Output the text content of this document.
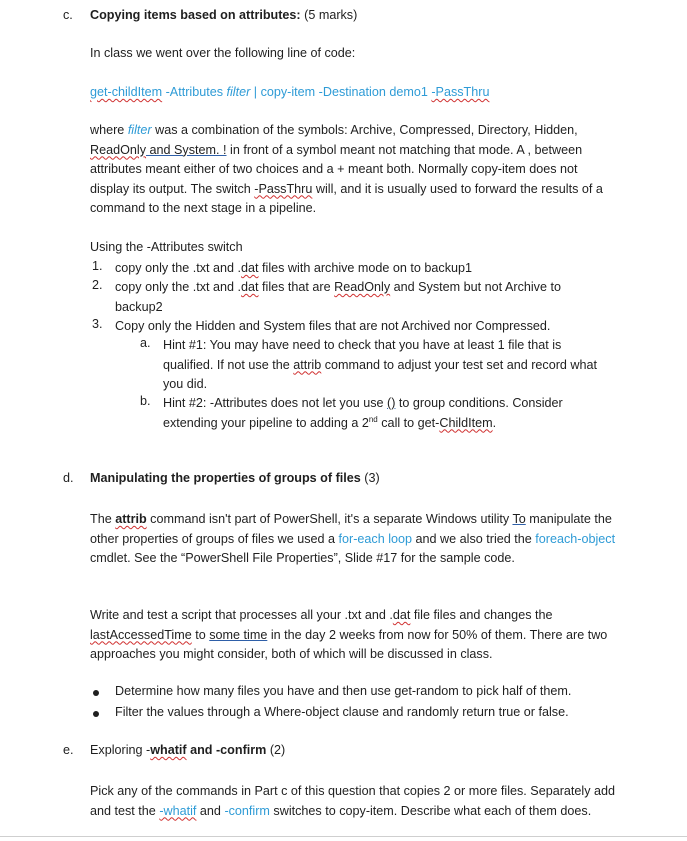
c. Copying items based on attributes: (5 marks)
In class we went over the following line of code:
get-childItem -Attributes filter | copy-item -Destination demo1 -PassThru

where filter was a combination of the symbols: Archive, Compressed, Directory, Hidden, ReadOnly and System. ! in front of a symbol meant not matching that mode. A , between attributes meant either of two choices and a + meant both. Normally copy-item does not display its output. The switch -PassThru will, and it is usually used to forward the results of a command to the next stage in a pipeline.

Using the -Attributes switch
1. copy only the .txt and .dat files with archive mode on to backup1

2. copy only the .txt and .dat files that are ReadOnly and System but not Archive to backup2

3. Copy only the Hidden and System files that are not Archived nor Compressed.

a. Hint #1: You may have need to check that you have at least 1 file that is qualified. If not use the attrib command to adjust your test set and record what you did.

b. Hint #2: -Attributes does not let you use () to group conditions. Consider extending your pipeline to adding a 2nd call to get-ChildItem.

d. Manipulating the properties of groups of files (3)

The attrib command isn't part of PowerShell, it's a separate Windows utility To manipulate the other properties of groups of files we used a for-each loop and we also tried the foreach-object cmdlet. See the “PowerShell File Properties”, Slide #17 for the sample code.

Write and test a script that processes all your .txt and .dat file files and changes the lastAccessedTime to some time in the day 2 weeks from now for 50% of them. There are two approaches you might consider, both of which will be discussed in class.

Determine how many files you have and then use get-random to pick half of them.
Filter the values through a Where-object clause and randomly return true or false.
e. Exploring -whatif and -confirm (2)

Pick any of the commands in Part c of this question that copies 2 or more files. Separately add and test the -whatif and -confirm switches to copy-item. Describe what each of them does.
